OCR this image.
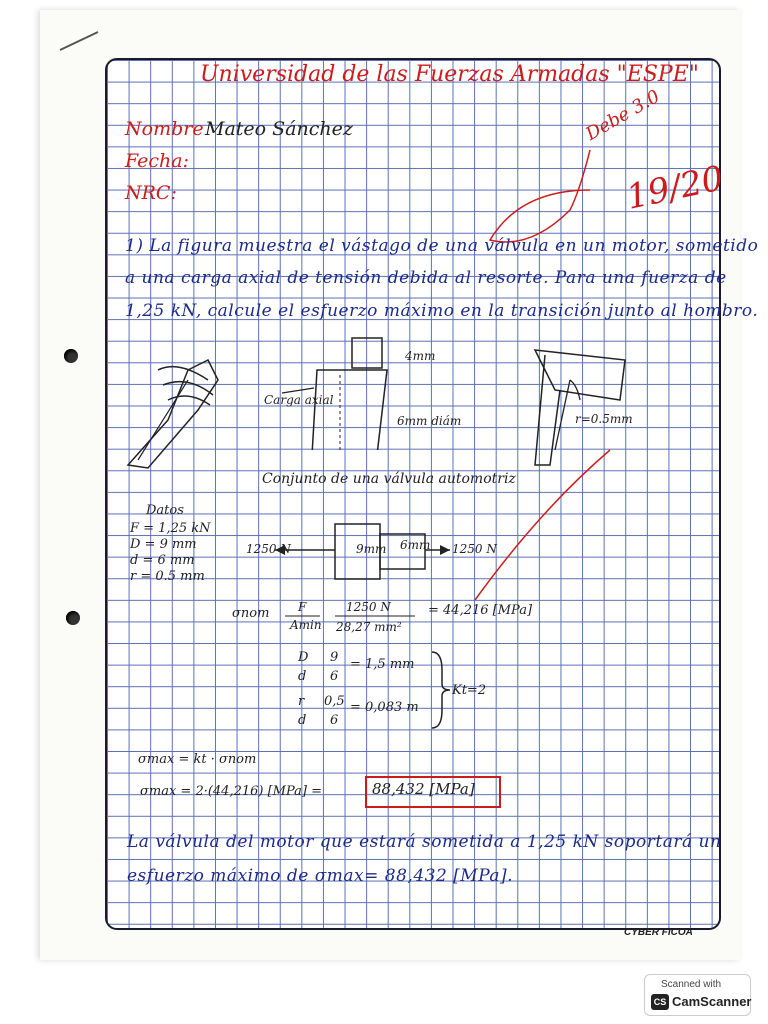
Universidad de las Fuerzas Armadas "ESPE"
Nombre Mateo Sánchez
Fecha:
NRC:
Debe 3.0
19/20
1) La figura muestra el vástago de una válvula en un motor, sometido
a una carga axial de tensión debida al resorte. Para una fuerza de
1,25 kN, calcule el esfuerzo máximo en la transición junto al hombro.
4mm
Carga axial
6mm diám	r=0.5mm
Conjunto de una válvula automotriz
Datos
F = 1,25 kN
D = 9 mm
d = 6 mm
r = 0.5 mm
1250 N	1250 N
9mm 6mm
σnom F
Amin
1250 N
28,27 mm²
= 44,216 [MPa]
D
d
9
6
= 1,5 mm
r
d
0,5
6
= 0,083 m
Kt=2
σmax = kt · σnom
σmax = 2·(44,216) [MPa] =	88,432 [MPa]
La válvula del motor que estará sometida a 1,25 kN soportará un
esfuerzo máximo de σmax= 88,432 [MPa].
CYBER FICOA
Scanned with
CS CamScanner
